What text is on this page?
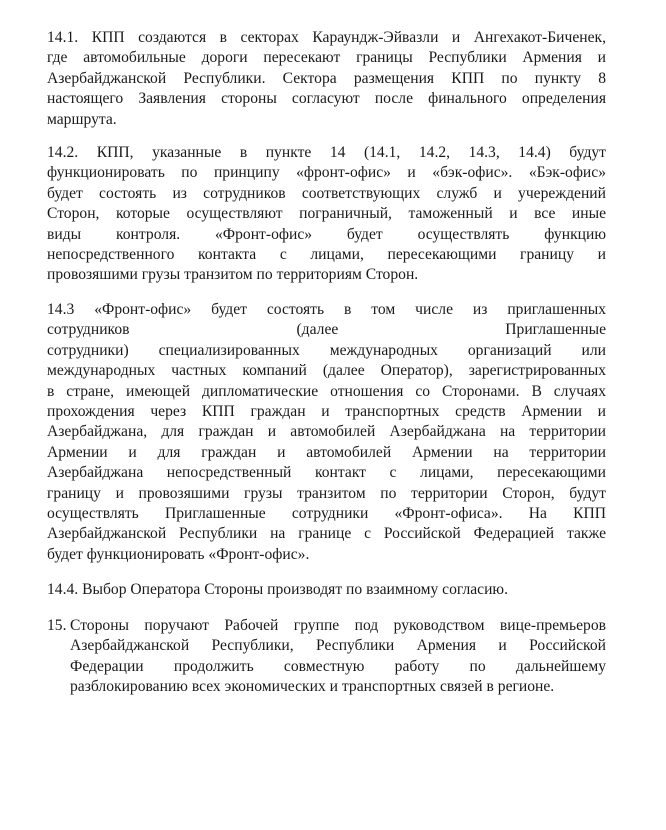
14.1. КПП создаются в секторах Караундж-Эйвазли и Ангехакот-Биченек,
где автомобильные дороги пересекают границы Республики Армения и
Азербайджанской Республики. Сектора размещения КПП по пункту 8
настоящего Заявления стороны согласуют после финального определения
маршрута.
14.2. КПП, указанные в пункте 14 (14.1, 14.2, 14.3, 14.4) будут
функционировать по принципу «фронт-офис» и «бэк-офис». «Бэк-офис»
будет состоять из сотрудников соответствующих служб и учереждений
Сторон, которые осуществляют пограничный, таможенный и все иные
виды контроля. «Фронт-офис» будет осуществлять функцию
непосредственного контакта с лицами, пересекающими границу и
провозяшими грузы транзитом по территориям Сторон.
14.3 «Фронт-офис» будет состоять в том числе из приглашенных
сотрудников (далее Приглашенные
сотрудники) специализированных международных организаций или
международных частных компаний (далее Оператор), зарегистрированных
в стране, имеющей дипломатические отношения со Сторонами. В случаях
прохождения через КПП граждан и транспортных средств Армении и
Азербайджана, для граждан и автомобилей Азербайджана на территории
Армении и для граждан и автомобилей Армении на территории
Азербайджана непосредственный контакт с лицами, пересекающими
границу и провозяшими грузы транзитом по территории Сторон, будут
осуществлять Приглашенные сотрудники «Фронт-офиса». На КПП
Азербайджанской Республики на границе с Российской Федерацией также
будет функционировать «Фронт-офис».
14.4. Выбор Оператора Стороны производят по взаимному согласию.
15. Стороны поручают Рабочей группе под руководством вице-премьеров
Азербайджанской Республики, Республики Армения и Российской
Федерации продолжить совместную работу по дальнейшему
разблокированию всех экономических и транспортных связей в регионе.
